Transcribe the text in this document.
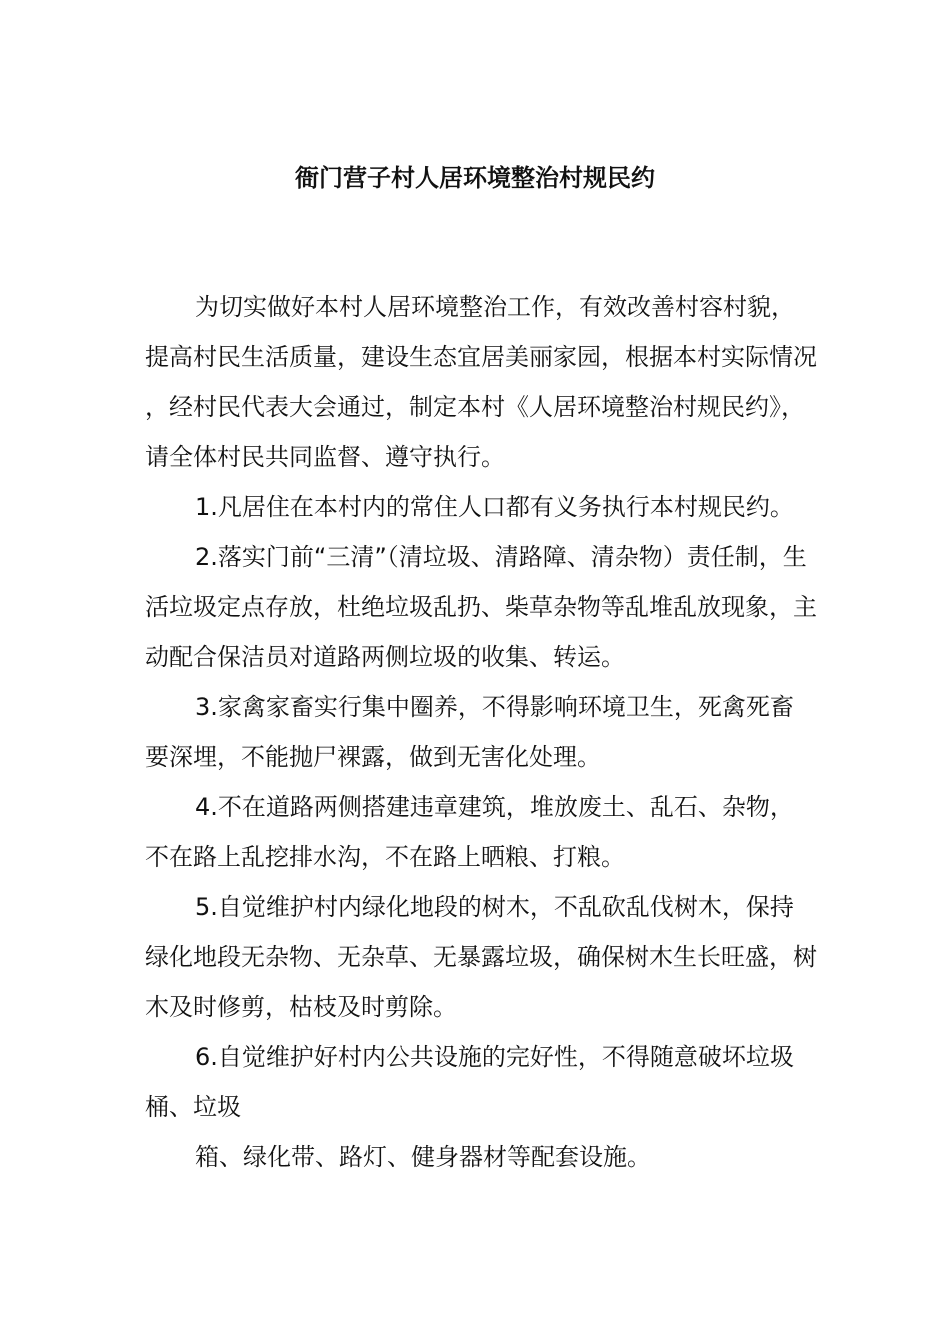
衙门营子村人居环境整治村规民约

为切实做好本村人居环境整治工作，有效改善村容村貌，提高村民生活质量，建设生态宜居美丽家园，根据本村实际情况，经村民代表大会通过，制定本村《人居环境整治村规民约》，请全体村民共同监督、遵守执行。

1.凡居住在本村内的常住人口都有义务执行本村规民约。

2.落实门前“三清”（清垃圾、清路障、清杂物）责任制，生活垃圾定点存放，杜绝垃圾乱扔、柴草杂物等乱堆乱放现象，主动配合保洁员对道路两侧垃圾的收集、转运。

3.家禽家畜实行集中圈养，不得影响环境卫生，死禽死畜要深埋，不能抛尸裸露，做到无害化处理。

4.不在道路两侧搭建违章建筑，堆放废土、乱石、杂物，不在路上乱挖排水沟，不在路上晒粮、打粮。

5.自觉维护村内绿化地段的树木，不乱砍乱伐树木，保持绿化地段无杂物、无杂草、无暴露垃圾，确保树木生长旺盛，树木及时修剪，枯枝及时剪除。

6.自觉维护好村内公共设施的完好性，不得随意破坏垃圾桶、垃圾

箱、绿化带、路灯、健身器材等配套设施。
